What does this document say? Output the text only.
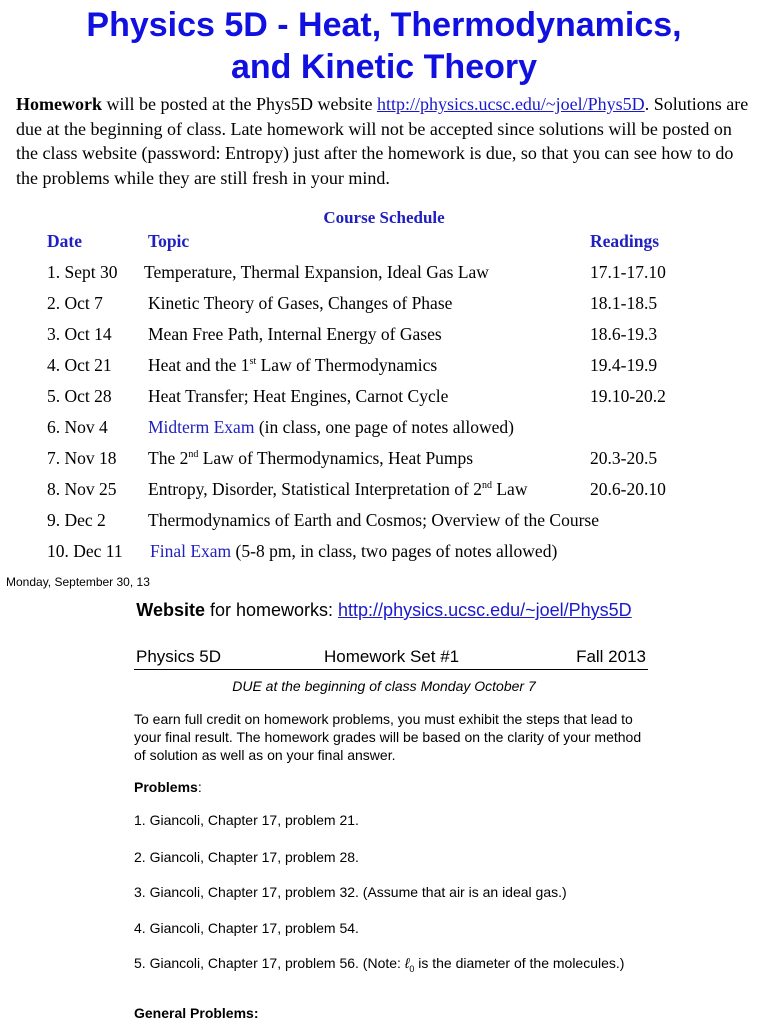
Physics 5D - Heat, Thermodynamics,
and Kinetic Theory

Homework will be posted at the Phys5D website http://physics.ucsc.edu/~joel/Phys5D. Solutions are due at the beginning of class. Late homework will not be accepted since solutions will be posted on the class website (password: Entropy) just after the homework is due, so that you can see how to do the problems while they are still fresh in your mind.

Course Schedule
Date	Topic	Readings
1. Sept 30 Temperature, Thermal Expansion, Ideal Gas Law	17.1-17.10
2. Oct 7	Kinetic Theory of Gases, Changes of Phase	18.1-18.5
3. Oct 14 Mean Free Path, Internal Energy of Gases	18.6-19.3
4. Oct 21 Heat and the 1st Law of Thermodynamics	19.4-19.9
5. Oct 28 Heat Transfer; Heat Engines, Carnot Cycle	19.10-20.2
6. Nov 4 Midterm Exam (in class, one page of notes allowed)
7. Nov 18 The 2nd Law of Thermodynamics, Heat Pumps	20.3-20.5
8. Nov 25 Entropy, Disorder, Statistical Interpretation of 2nd Law	20.6-20.10
9. Dec 2 Thermodynamics of Earth and Cosmos; Overview of the Course
10. Dec 11 Final Exam (5-8 pm, in class, two pages of notes allowed)
Monday, September 30, 13
Website for homeworks: http://physics.ucsc.edu/~joel/Phys5D
Physics 5D	Homework Set #1	Fall 2013
DUE at the beginning of class Monday October 7

To earn full credit on homework problems, you must exhibit the steps that lead to your final result. The homework grades will be based on the clarity of your method of solution as well as on your final answer.

Problems:
1. Giancoli, Chapter 17, problem 21.
2. Giancoli, Chapter 17, problem 28.
3. Giancoli, Chapter 17, problem 32. (Assume that air is an ideal gas.)
4. Giancoli, Chapter 17, problem 54.
5. Giancoli, Chapter 17, problem 56. (Note: ℓ$_0$ is the diameter of the molecules.)
General Problems:
